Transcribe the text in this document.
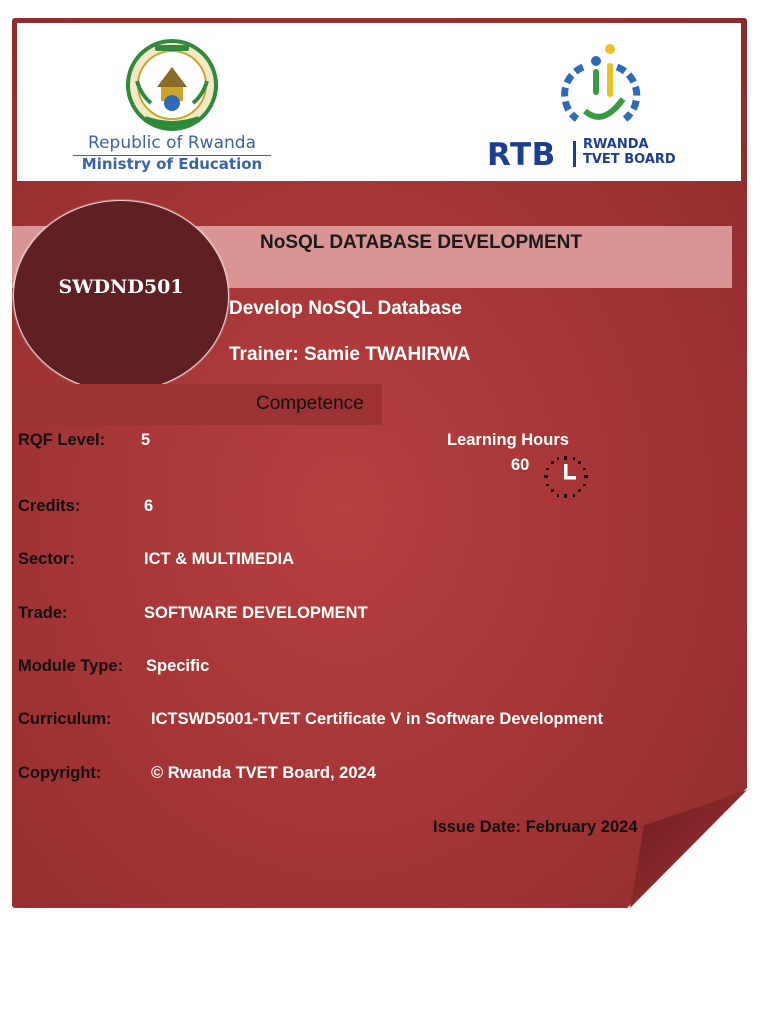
Republic of Rwanda
Ministry of Education	RTB RWANDA
TVET BOARD
NoSQL DATABASE DEVELOPMENT
SWDND501
Develop NoSQL Database
Trainer: Samie TWAHIRWA
Competence
RQF Level: 5
Credits:	6
Sector:	ICT & MULTIMEDIA
Trade:	SOFTWARE DEVELOPMENT
Module Type: Specific
Curriculum: ICTSWD5001-TVET Certificate V in Software Development
Copyright:	© Rwanda TVET Board, 2024
Learning Hours
60
Issue Date: February 2024
